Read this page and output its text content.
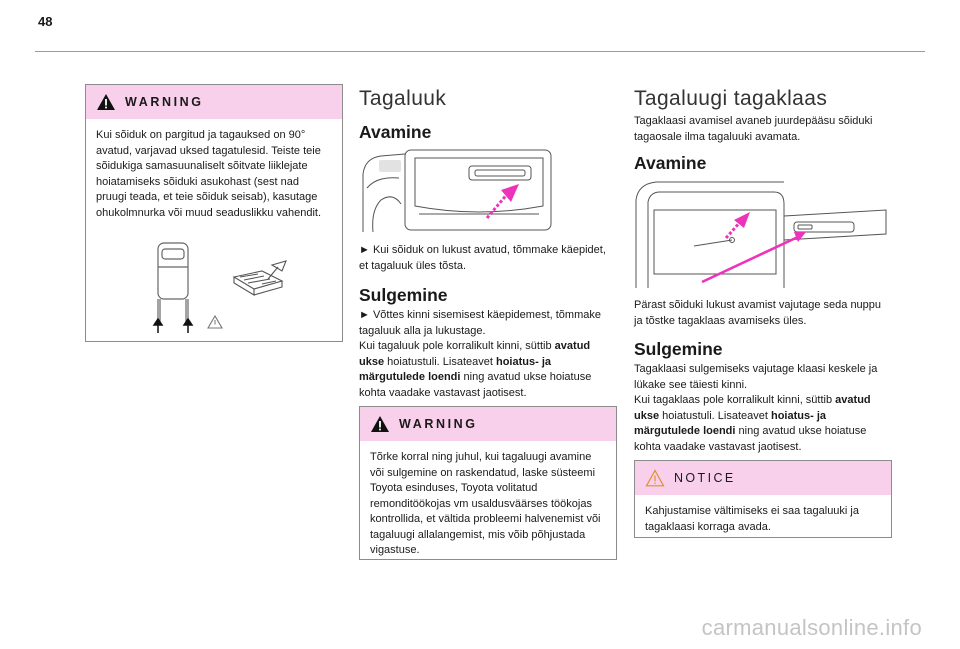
48
WARNING
Kui sõiduk on pargitud ja tagauksed on 90° avatud, varjavad uksed tagatulesid. Teiste teie sõidukiga samasuunaliselt sõitvate liiklejate hoiatamiseks sõiduki asukohast (sest nad pruugi teada, et teie sõiduk seisab), kasutage ohukolmnurka või muud seaduslikku vahendit.
Tagaluuk
Avamine
► Kui sõiduk on lukust avatud, tõmmake käepidet, et tagaluuk üles tõsta.
Sulgemine
► Võttes kinni sisemisest käepidemest, tõmmake tagaluuk alla ja lukustage.
Kui tagaluuk pole korralikult kinni, süttib avatud ukse hoiatustuli. Lisateavet hoiatus- ja märgutulede loendi ning avatud ukse hoiatuse kohta vaadake vastavast jaotisest.
WARNING
Tõrke korral ning juhul, kui tagaluugi avamine või sulgemine on raskendatud, laske süsteemi Toyota esinduses, Toyota volitatud remonditöökojas vm usaldusväärses töökojas kontrollida, et vältida probleemi halvenemist või tagaluugi allalangemist, mis võib põhjustada vigastuse.
Tagaluugi tagaklaas
Tagaklaasi avamisel avaneb juurdepääsu sõiduki tagaosale ilma tagaluuki avamata.
Avamine
Pärast sõiduki lukust avamist vajutage seda nuppu ja tõstke tagaklaas avamiseks üles.
Sulgemine
Tagaklaasi sulgemiseks vajutage klaasi keskele ja lükake see täiesti kinni.
Kui tagaklaas pole korralikult kinni, süttib avatud ukse hoiatustuli. Lisateavet hoiatus- ja märgutulede loendi ning avatud ukse hoiatuse kohta vaadake vastavast jaotisest.
NOTICE
Kahjustamise vältimiseks ei saa tagaluuki ja tagaklaasi korraga avada.
carmanualsonline.info
